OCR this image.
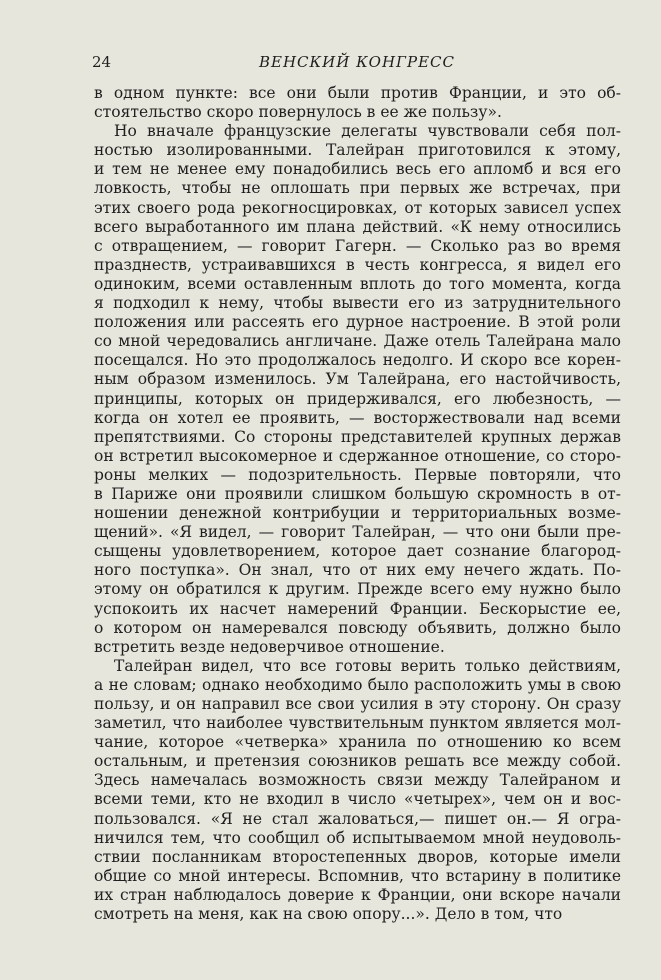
24	ВЕНСКИЙ КОНГРЕСС

в одном пункте: все они были против Франции, и это об-

стоятельство скоро повернулось в ее же пользу».

Но вначале французские делегаты чувствовали себя пол-

ностью изолированными. Талейран приготовился к этому,

и тем не менее ему понадобились весь его апломб и вся его

ловкость, чтобы не оплошать при первых же встречах, при

этих своего рода рекогносцировках, от которых зависел успех

всего выработанного им плана действий. «К нему относились

с отвращением, — говорит Гагерн. — Сколько раз во время

празднеств, устраивавшихся в честь конгресса, я видел его

одиноким, всеми оставленным вплоть до того момента, когда

я подходил к нему, чтобы вывести его из затруднительного

положения или рассеять его дурное настроение. В этой роли

со мной чередовались англичане. Даже отель Талейрана мало

посещался. Но это продолжалось недолго. И скоро все корен-

ным образом изменилось. Ум Талейрана, его настойчивость,

принципы, которых он придерживался, его любезность, —

когда он хотел ее проявить, — восторжествовали над всеми

препятствиями. Со стороны представителей крупных держав

он встретил высокомерное и сдержанное отношение, со сторо-

роны мелких — подозрительность. Первые повторяли, что

в Париже они проявили слишком большую скромность в от-

ношении денежной контрибуции и территориальных возме-

щений». «Я видел, — говорит Талейран, — что они были пре-

сыщены удовлетворением, которое дает сознание благород-

ного поступка». Он знал, что от них ему нечего ждать. По-

этому он обратился к другим. Прежде всего ему нужно было

успокоить их насчет намерений Франции. Бескорыстие ее,

о котором он намеревался повсюду объявить, должно было

встретить везде недоверчивое отношение.

Талейран видел, что все готовы верить только действиям,

а не словам; однако необходимо было расположить умы в свою

пользу, и он направил все свои усилия в эту сторону. Он сразу

заметил, что наиболее чувствительным пунктом является мол-

чание, которое «четверка» хранила по отношению ко всем

остальным, и претензия союзников решать все между собой.

Здесь намечалась возможность связи между Талейраном и

всеми теми, кто не входил в число «четырех», чем он и вос-

пользовался. «Я не стал жаловаться,— пишет он.— Я огра-

ничился тем, что сообщил об испытываемом мной неудоволь-

ствии посланникам второстепенных дворов, которые имели

общие со мной интересы. Вспомнив, что встарину в политике

их стран наблюдалось доверие к Франции, они вскоре начали

смотреть на меня, как на свою опору...». Дело в том, что
